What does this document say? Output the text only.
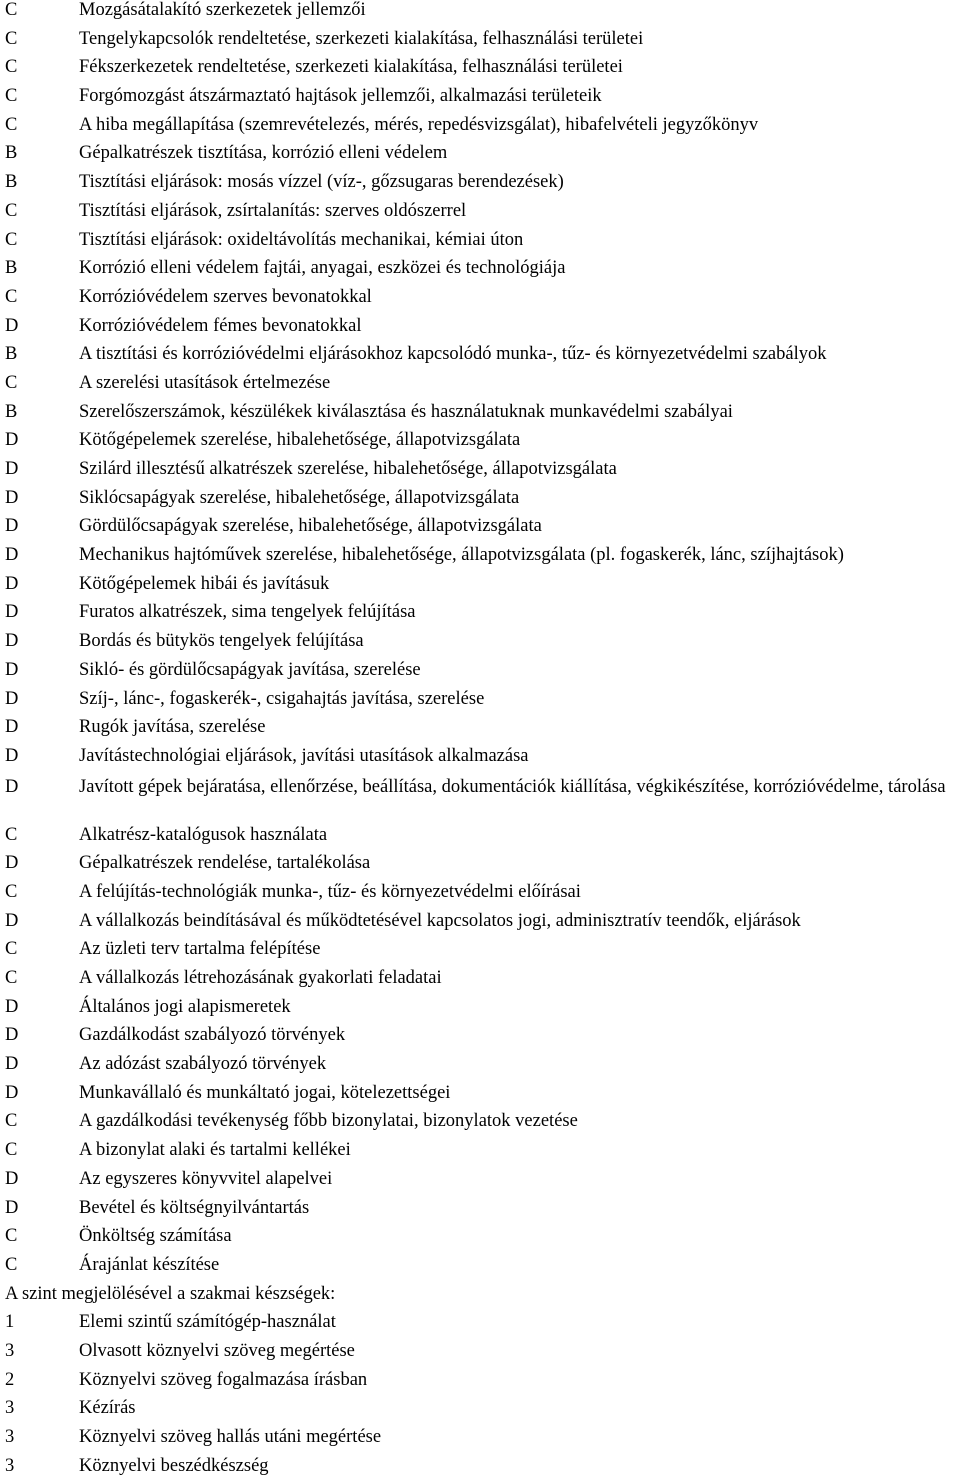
C	Mozgásátalakító szerkezetek jellemzői
C	Tengelykapcsolók rendeltetése, szerkezeti kialakítása, felhasználási területei
C	Fékszerkezetek rendeltetése, szerkezeti kialakítása, felhasználási területei
C	Forgómozgást átszármaztató hajtások jellemzői, alkalmazási területeik
C	A hiba megállapítása (szemrevételezés, mérés, repedésvizsgálat), hibafelvételi jegyzőkönyv
B	Gépalkatrészek tisztítása, korrózió elleni védelem
B	Tisztítási eljárások: mosás vízzel (víz-, gőzsugaras berendezések)
C	Tisztítási eljárások, zsírtalanítás: szerves oldószerrel
C	Tisztítási eljárások: oxideltávolítás mechanikai, kémiai úton
B	Korrózió elleni védelem fajtái, anyagai, eszközei és technológiája
C	Korrózióvédelem szerves bevonatokkal
D	Korrózióvédelem fémes bevonatokkal
B	A tisztítási és korrózióvédelmi eljárásokhoz kapcsolódó munka-, tűz- és környezetvédelmi szabályok
C	A szerelési utasítások értelmezése
B	Szerelőszerszámok, készülékek kiválasztása és használatuknak munkavédelmi szabályai
D	Kötőgépelemek szerelése, hibalehetősége, állapotvizsgálata
D	Szilárd illesztésű alkatrészek szerelése, hibalehetősége, állapotvizsgálata
D	Siklócsapágyak szerelése, hibalehetősége, állapotvizsgálata
D	Gördülőcsapágyak szerelése, hibalehetősége, állapotvizsgálata
D	Mechanikus hajtóművek szerelése, hibalehetősége, állapotvizsgálata (pl. fogaskerék, lánc, szíjhajtások)
D	Kötőgépelemek hibái és javításuk
D	Furatos alkatrészek, sima tengelyek felújítása
D	Bordás és bütykös tengelyek felújítása
D	Sikló- és gördülőcsapágyak javítása, szerelése
D	Szíj-, lánc-, fogaskerék-, csigahajtás javítása, szerelése
D	Rugók javítása, szerelése
D	Javítástechnológiai eljárások, javítási utasítások alkalmazása
D	Javított gépek bejáratása, ellenőrzése, beállítása, dokumentációk kiállítása, végkikészítése, korrózióvédelme, tárolása
C	Alkatrész-katalógusok használata
D	Gépalkatrészek rendelése, tartalékolása
C	A felújítás-technológiák munka-, tűz- és környezetvédelmi előírásai
D	A vállalkozás beindításával és működtetésével kapcsolatos jogi, adminisztratív teendők, eljárások
C	Az üzleti terv tartalma felépítése
C	A vállalkozás létrehozásának gyakorlati feladatai
D	Általános jogi alapismeretek
D	Gazdálkodást szabályozó törvények
D	Az adózást szabályozó törvények
D	Munkavállaló és munkáltató jogai, kötelezettségei
C	A gazdálkodási tevékenység főbb bizonylatai, bizonylatok vezetése
C	A bizonylat alaki és tartalmi kellékei
D	Az egyszeres könyvvitel alapelvei
D	Bevétel és költségnyilvántartás
C	Önköltség számítása
C	Árajánlat készítése
A szint megjelölésével a szakmai készségek:
1	Elemi szintű számítógép-használat
3	Olvasott köznyelvi szöveg megértése
2	Köznyelvi szöveg fogalmazása írásban
3	Kézírás
3	Köznyelvi szöveg hallás utáni megértése
3	Köznyelvi beszédkészség
